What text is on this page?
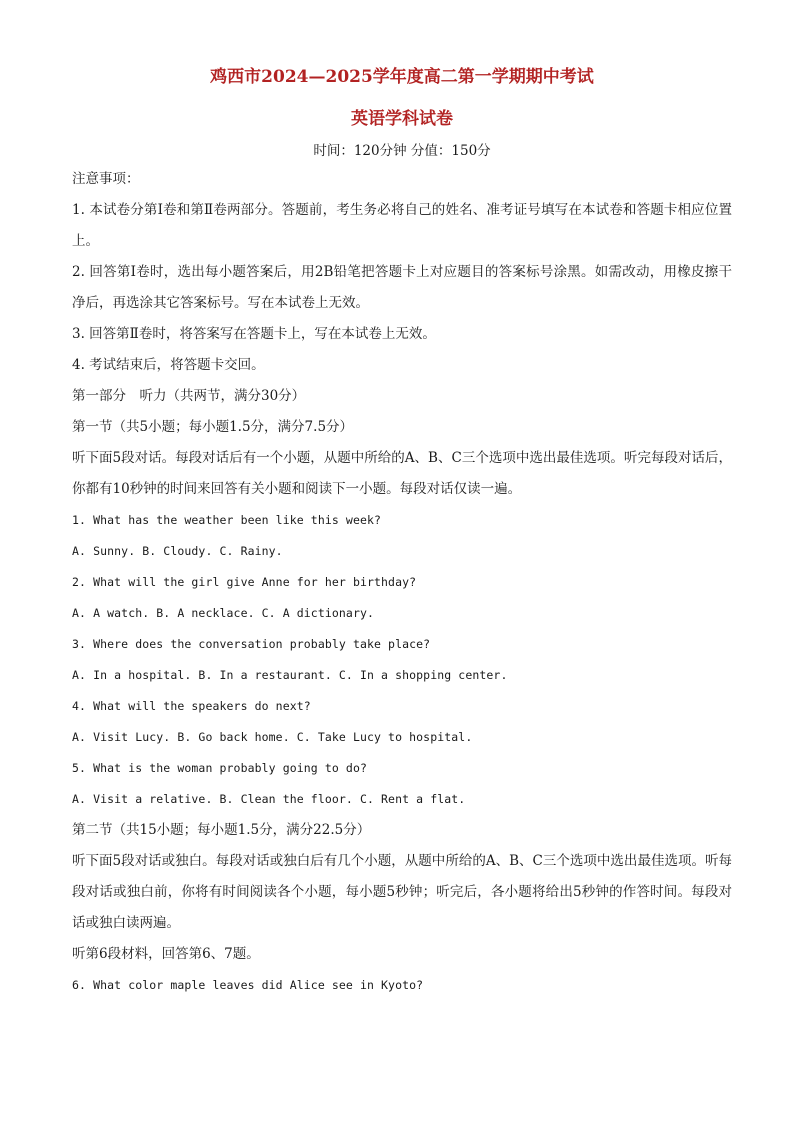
鸡西市2024—2025学年度高二第一学期期中考试
英语学科试卷

时间：120分钟 分值：150分

注意事项：

1. 本试卷分第Ⅰ卷和第Ⅱ卷两部分。答题前，考生务必将自己的姓名、准考证号填写在本试卷和答题卡相应位置上。

2. 回答第Ⅰ卷时，选出每小题答案后，用2B铅笔把答题卡上对应题目的答案标号涂黑。如需改动，用橡皮擦干净后，再选涂其它答案标号。写在本试卷上无效。

3. 回答第Ⅱ卷时，将答案写在答题卡上，写在本试卷上无效。

4. 考试结束后，将答题卡交回。

第一部分　听力（共两节，满分30分）

第一节（共5小题；每小题1.5分，满分7.5分）

听下面5段对话。每段对话后有一个小题，从题中所给的A、B、C三个选项中选出最佳选项。听完每段对话后，你都有10秒钟的时间来回答有关小题和阅读下一小题。每段对话仅读一遍。

1. What has the weather been like this week?

A. Sunny. B. Cloudy. C. Rainy.

2. What will the girl give Anne for her birthday?

A. A watch. B. A necklace. C. A dictionary.

3. Where does the conversation probably take place?

A. In a hospital. B. In a restaurant. C. In a shopping center.

4. What will the speakers do next?

A. Visit Lucy. B. Go back home. C. Take Lucy to hospital.

5. What is the woman probably going to do?

A. Visit a relative. B. Clean the floor. C. Rent a flat.

第二节（共15小题；每小题1.5分，满分22.5分）

听下面5段对话或独白。每段对话或独白后有几个小题，从题中所给的A、B、C三个选项中选出最佳选项。听每段对话或独白前，你将有时间阅读各个小题，每小题5秒钟；听完后，各小题将给出5秒钟的作答时间。每段对话或独白读两遍。

听第6段材料，回答第6、7题。

6. What color maple leaves did Alice see in Kyoto?
